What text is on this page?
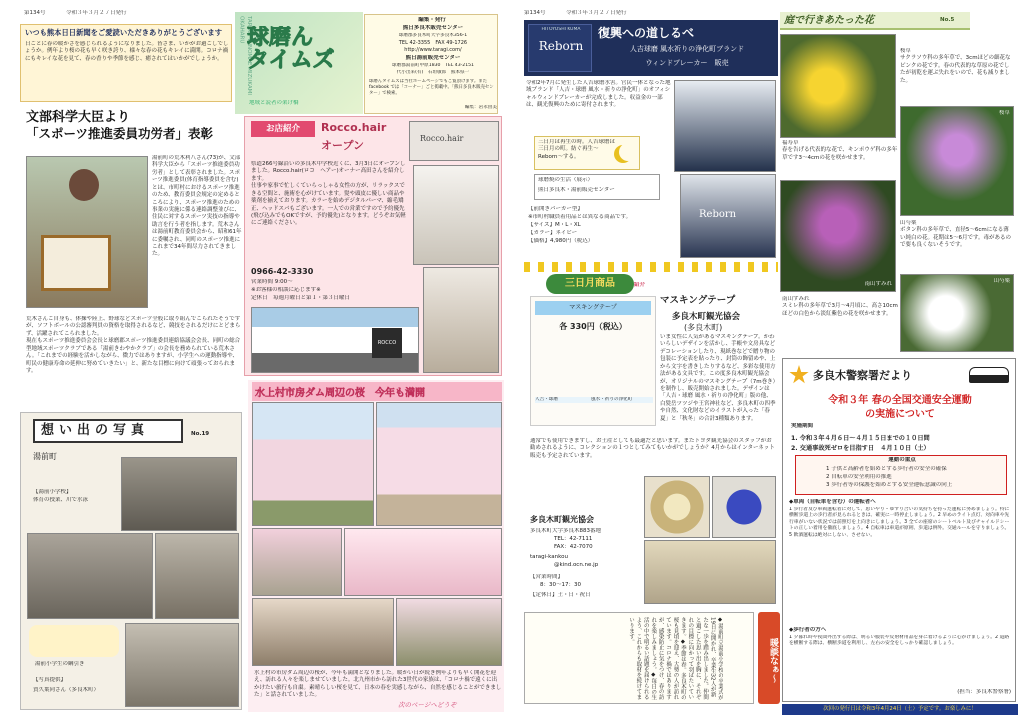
第134号	令和３年３月２７日発行
いつも熊本日日新聞をご愛読いただきありがとうございます
日ごとに春の暖かさを感じられるようになりました。皆さま、いかがお過ごしでしょうか。例年より桜の花も早く咲き誇り、様々な春の花もキレイに満開。コロナ禍にもキレイな花を見て、春の香りや季節を感じ、癒されてはいかがでしょうか。	TARAGI YUNOMAE MIZUKAMI OKAHARU 球磨ん
タイムズ
地域と読者の架け橋
編集・発行
熊日多良木販売センター
球磨郡多良木町大字多良木356-1
TEL 42-3355　FAX 49-1726
http://www.taragi.com/
熊日湯前販売センター
球磨郡湯前町中原1830　TEL 43-2151
代小出来(有)　石垣敏郎　熊本県一
球磨んタイムズは当社ホームページでもご覧頂けます。また facebook では「コーナー」ごと掲載中。「熊日多良木販売センター」で検索。
編集：岩永由美
文部科学大臣より
「スポーツ推進委員功労者」表彰
湯前町の荒木利八さん(73)が、文部科学大臣から「スポーツ推進委員功労者」として表彰されました。スポーツ推進委員(体育指導委員を含む)とは、市町村におけるスポーツ推進のため、教育委員会規定の定めるところにより、スポーツ推進のための事業の実施に係る連絡調整並びに、住民に対するスポーツ実技の指導や助言を行う者を指します。荒木さんは湯前町教育委員会から、昭和61年に委嘱され、同町のスポーツ推進にこれまで34年間尽力されてきました。
荒木さんご自身も、体操や陸上、野球などスポーツ全般に取り組んでこられたそうですが、ソフトボールの公認審判員の資格を取得されるなど、競技をされるだけにとどまらず、活躍されてこられました。
現在もスポーツ推進委員会会長と球磨郡スポーツ推進委員連絡協議会会長、同町の総合型地域スポーツクラブである「湯前きわやかクラブ」の会長を務められている荒木さん。「これまでの経験を活かしながら、微力ではありますが、小学生への運動指導や、町民の健康寿命の延伸に努めていきたい」と、新たな目標に向けて頑張っておられます。
お店紹介	Rocco.hair
オープン
Rocco.hair
県道266号線沿いの多良木中学校近くに、3月3日にオープンしました。Rocco.hair(ロコ　ヘアー)オーナー高田さんを紹介します。
仕事や家事で忙しくていらっしゃる女性の方が、リラックスできる空間と、施術を心がけています。髪や頭皮に優しい商品や薬剤を揃えております。カラーを始めデジタルパーマ、縮毛矯正、ヘッドスパもございます。一人での営業ですので予約優先(飛び込みでもOKですが、予約優先)となります。どうぞお気軽にご連絡ください。
0966-42-3330
営業時間 9:00〜
※お客様の相談に応じます※
定休日　毎週月曜日と第１・第３日曜日
ROCCO
想い出の写真	No.19
湯前町
【湯前小学校】
体育の授業、川で水泳
湯前小学生の綱引き
【写真提供】
賀久葉同さん（多良木町）
水上村市房ダム周辺の桜　今年も満開
水上村の市房ダム周辺の桜が、今年も満開となりました。暖かい日が続き例年よりも早く開花を迎え、訪れる人々を楽しませていました。北九州市から訪れた3世代の家族は、「コロナ禍で遠くに出かけたい旅行も自粛。素晴らしい桜を見て、日本の春を実感しながら、自然を感じることができました」と話されていました。
次のページへどうぞ
第134号	令和３年３月２７日発行
HITOYOSHI KUMA
Reborn
復興への道しるべ
人吉球磨 風水祈りの浄化町ブランド
ウィンドブレーカー　販売
令和2年7月に発生した人吉球磨水害。官民一体となった地域ブランド「人吉・球磨 風水・祈りの浄化町」のオフィシャルウィンドブレーカーが完成しました。収益金の一部は、観光復興のために寄付されます。
三日月は再生の時。人吉球磨は三日月の町。紡ぐ再生〜Reborn〜する。
球磨焼の生活（展示）
熊日多良木・湯前販売センター
【前開きパーカー型】
※市町村職員着用品とは異なる商品です。
【サイズ】M・L・XL
【カラー】ネイビー
【価格】4,980円（税込）
Reborn
庭で行きあたった花	No.5
桜草
サクラソウ科の多年草で、3cmほどの細花なピンクの花です。春の代表的な草原の花でしたが初乾を運ぶ失れをいので、花も減りました。
桜草
福寿草
春を告げる代表的な花で、キンポウゲ科の多年草です3〜4cmの花を咲かせます。
南山すみれ
山芍薬
ボタン科の多年草で、直径5〜6cmになる薄い純白の花。花期は5〜6月です。毒があるので要も良くないそうです。
山芍薬
南山すみれ
スミレ科の多年草で3月〜4月頃に、高さ10cmほどの白色から淡紅紫色の花を咲かせます。
三日月商品	紹介
マスキングテープ
多良木町観光協会
(多良木町)
マスキングテープ
各 330円（税込）
人吉・球磨	風水・祈りの浄化町
いま女性に人気があるマスキングテープ。かわいらしいデザインを活かし、手帳や文房具などデコレーションしたり、現紙巻などで贈り物の包装に予定表を貼ったり、封筒の飾留めや、上から文字を書きしたりするなど、多彩な使用方法がある文具です。この度多良木町観光協会が、オリジナルのマスキングテープ（7m巻き）を制作し、販売開始されました。デザインは「人吉・球磨 風水・祈りの浄化町」版の他、白髪岳ツツジや王宮神社など、多良木町の四季や自然、文化財などのイラストが入った「春夏」と「秋冬」の合計3種類あります。
通常でも使用できますし、お土産としても最適だと思います。またトヨダ観光協会のスタッフがお勧めされるように、コレクションの１つとしてみてもいかがでしょうか？4月からはインターネット販売も予定されています。
多良木町観光協会
多良木町大字多良木883番地
TEL：42-7111
FAX：42-7070
taragi-kankou
@kind.ocn.ne.jp
【営業時間】
8：30〜17：30
【定休日】土・日・祝日
◆湯前町立湯前小学校の卒業式が19日に開かれ、卒業生32人が新たな一歩を踏み出しました。仲間と過ごした思い出を胸に、それぞれの目標に向かって羽ばたいていきます。◆季節は春。多良木町の桜も見頃を迎え、大勢の人が訪れています。コロナ禍ではありますが、感染防止に気をつけ、春の訪れを楽しみましょう。◆毎日の生活の中で明るい話題を届けられるよう、これからも取材を続けてまいります。
暖談なぁ〜
多良木警察署だより
令和３年 春の全国交通安全運動
の実施について
実施期間
1. 令和３年４月６日〜４月１５日までの１０日間
2. 交通事故死ゼロを目指す日　４月１０日（土）
運動の重点
1 子供と高齢者を始めとする歩行者の安全の確保
2 自転車の安全利用の推進
3 歩行者等の保護を始めとする安全運転意識の向上
◆車両（自転車を含む）の運転者へ
1 歩行者及び車両運転者に対して、思いやり・ゆずり合いの気持ちを持った運転に努めましょう。特に横断歩道上の歩行者が見られるときは、確実に一時停止しましょう。2 早めのライト点灯、対向車や先行車がいない状況では前照灯を上向きにしましょう。3 全ての座席のシートベルト及びチャイルドシートの正しい着用を徹底しましょう。4 自転車は車道が原則、歩道は例外。交通ルールを守りましょう。5 飲酒運転は絶対にしない、させない。
◆歩行者の方へ
1 夕暮れ時や夜間外出する際は、明るい服装や反射材用品を身に着けるように心がけましょう。2 道路を横断する際は、横断歩道を利用し、左右の安全をしっかり確認しましょう。
(担当：多良木警察署)
次回の発行日は令和3年4月24日（土）予定です。お楽しみに！
